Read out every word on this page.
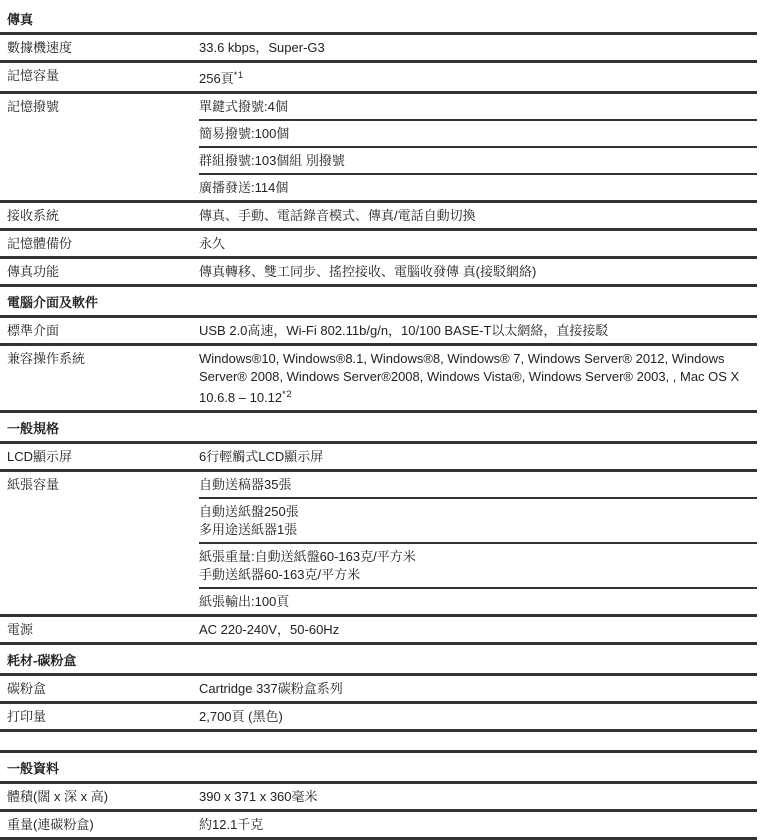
傳真
數據機速度	33.6 kbps，Super-G3
記憶容量	256頁$^{*1}$
記憶撥號	單鍵式撥號:4個
簡易撥號:100個
群組撥號:103個組 別撥號
廣播發送:114個
接收系統	傳真、手動、電話錄音模式、傳真/電話自動切換
記憶體備份	永久
傳真功能	傳真轉移、雙工同步、搖控接收、電腦收發傳 真(接駁網絡)
電腦介面及軟件
標準介面	USB 2.0高速，Wi-Fi 802.11b/g/n，10/100 BASE-T以太網絡，直接接駁
兼容操作系統	Windows®10, Windows®8.1, Windows®8, Windows® 7, Windows Server® 2012, Windows Server® 2008, Windows Server®2008, Windows Vista®, Windows Server® 2003, , Mac OS X 10.6.8 – 10.12$^{*2}$
一般規格
LCD顯示屏	6行輕觸式LCD顯示屏
紙張容量	自動送稿器35張
自動送紙盤250張
多用途送紙器1張
紙張重量:自動送紙盤60-163克/平方米
手動送紙器60-163克/平方米
紙張輸出:100頁
電源	AC 220-240V，50-60Hz
耗材-碳粉盒
碳粉盒	Cartridge 337碳粉盒系列
打印量	2,700頁 (黑色)
一般資料
體積(闊 x 深 x 高)	390 x 371 x 360毫米
重量(連碳粉盒)	約12.1千克
